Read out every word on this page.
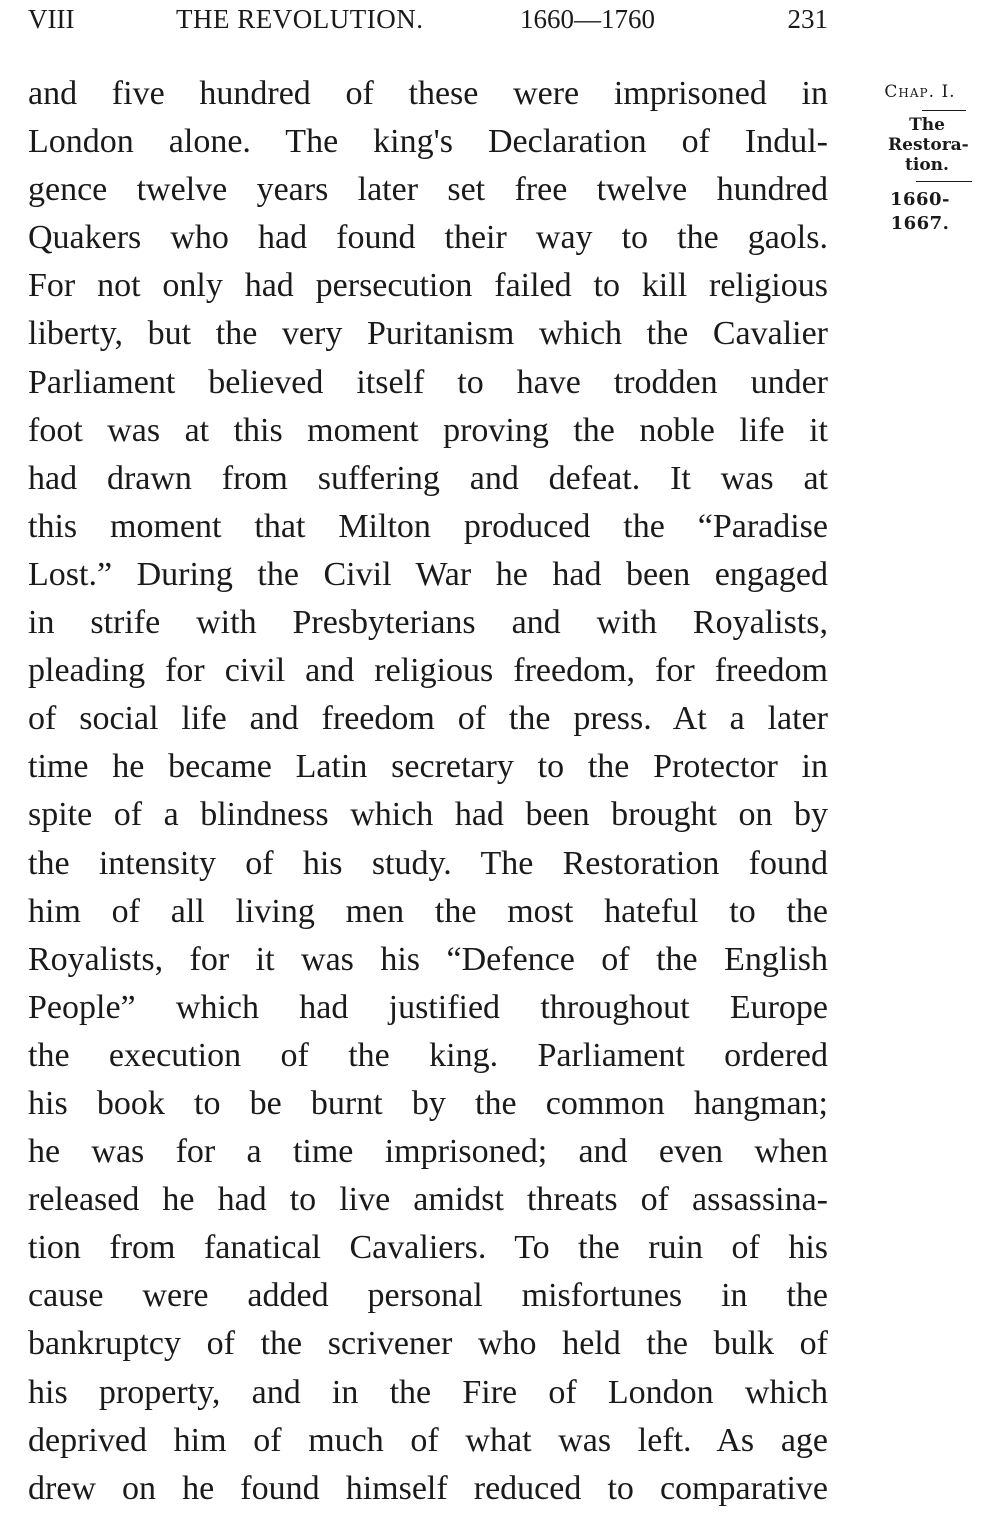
VIII	THE REVOLUTION.	1660—1760	231
and five hundred of these were imprisoned in
London alone. The king's Declaration of Indul-
gence twelve years later set free twelve hundred
Quakers who had found their way to the gaols.
For not only had persecution failed to kill religious
liberty, but the very Puritanism which the Cavalier
Parliament believed itself to have trodden under
foot was at this moment proving the noble life it
had drawn from suffering and defeat. It was at
this moment that Milton produced the “Paradise
Lost.” During the Civil War he had been engaged
in strife with Presbyterians and with Royalists,
pleading for civil and religious freedom, for freedom
of social life and freedom of the press. At a later
time he became Latin secretary to the Protector in
spite of a blindness which had been brought on by
the intensity of his study. The Restoration found
him of all living men the most hateful to the
Royalists, for it was his “Defence of the English
People” which had justified throughout Europe
the execution of the king. Parliament ordered
his book to be burnt by the common hangman;
he was for a time imprisoned; and even when
released he had to live amidst threats of assassina-
tion from fanatical Cavaliers. To the ruin of his
cause were added personal misfortunes in the
bankruptcy of the scrivener who held the bulk of
his property, and in the Fire of London which
deprived him of much of what was left. As age
drew on he found himself reduced to comparative
Chap. I.
The
Restora-
tion.
1660-1667.
